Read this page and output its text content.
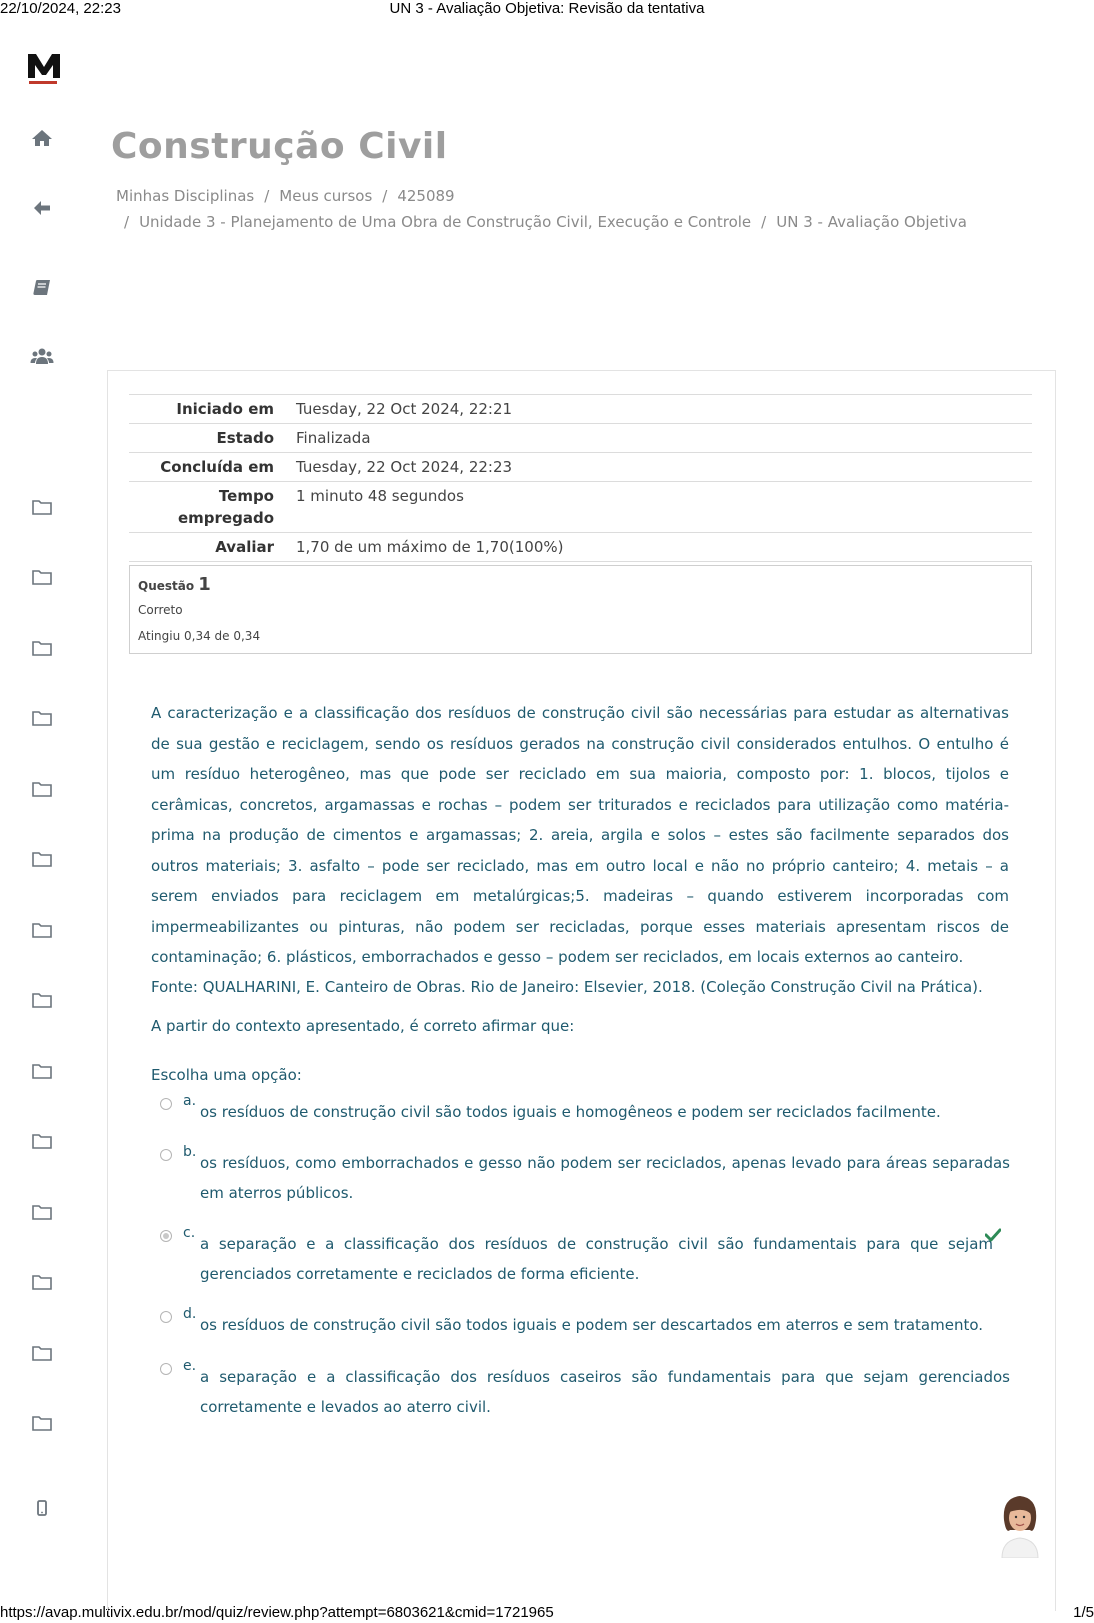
22/10/2024, 22:23	UN 3 - Avaliação Objetiva: Revisão da tentativa
https://avap.multivix.edu.br/mod/quiz/review.php?attempt=6803621&cmid=1721965	1/5
Construção Civil
Minhas Disciplinas / Meus cursos / 425089
/ Unidade 3 - Planejamento de Uma Obra de Construção Civil, Execução e Controle / UN 3 - Avaliação Objetiva
Iniciado em	Tuesday, 22 Oct 2024, 22:21
Estado	Finalizada
Concluída em	Tuesday, 22 Oct 2024, 22:23
Tempo empregado	1 minuto 48 segundos
Avaliar	1,70 de um máximo de 1,70(100%)
Questão 1
Correto
Atingiu 0,34 de 0,34

A caracterização e a classificação dos resíduos de construção civil são necessárias para estudar as alternativas de sua gestão e reciclagem, sendo os resíduos gerados na construção civil considerados entulhos. O entulho é um resíduo heterogêneo, mas que pode ser reciclado em sua maioria, composto por: 1. blocos, tijolos e cerâmicas, concretos, argamassas e rochas – podem ser triturados e reciclados para utilização como matéria-prima na produção de cimentos e argamassas; 2. areia, argila e solos – estes são facilmente separados dos outros materiais; 3. asfalto – pode ser reciclado, mas em outro local e não no próprio canteiro; 4. metais – a serem enviados para reciclagem em metalúrgicas;5. madeiras – quando estiverem incorporadas com impermeabilizantes ou pinturas, não podem ser recicladas, porque esses materiais apresentam riscos de contaminação; 6. plásticos, emborrachados e gesso – podem ser reciclados, em locais externos ao canteiro.

Fonte: QUALHARINI, E. Canteiro de Obras. Rio de Janeiro: Elsevier, 2018. (Coleção Construção Civil na Prática).
A partir do contexto apresentado, é correto afirmar que:
Escolha uma opção:
a.
os resíduos de construção civil são todos iguais e homogêneos e podem ser reciclados facilmente.
b.
os resíduos, como emborrachados e gesso não podem ser reciclados, apenas levado para áreas separadas em aterros públicos.
c.
a separação e a classificação dos resíduos de construção civil são fundamentais para que sejam gerenciados corretamente e reciclados de forma eficiente.
d.
os resíduos de construção civil são todos iguais e podem ser descartados em aterros e sem tratamento.
e.
a separação e a classificação dos resíduos caseiros são fundamentais para que sejam gerenciados corretamente e levados ao aterro civil.
